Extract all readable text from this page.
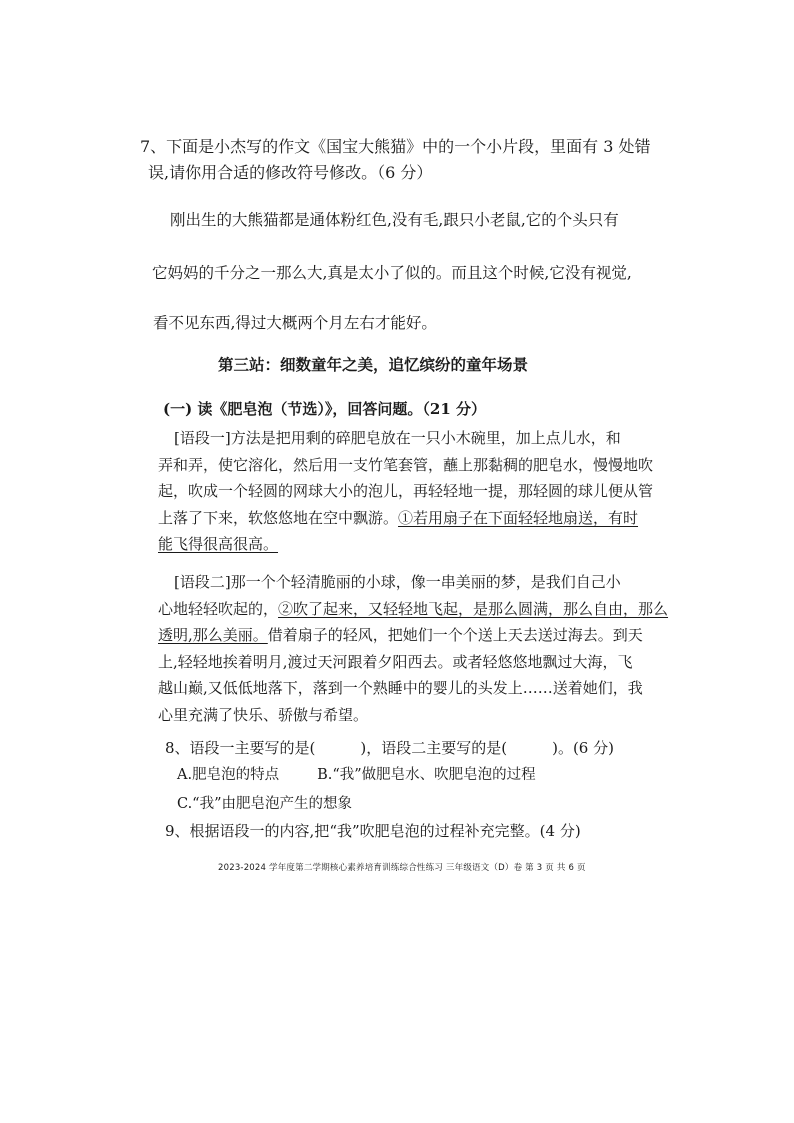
7、下面是小杰写的作文《国宝大熊猫》中的一个小片段，里面有 3 处错
误,请你用合适的修改符号修改。（6 分）
刚出生的大熊猫都是通体粉红色,没有毛,跟只小老鼠,它的个头只有
它妈妈的千分之一那么大,真是太小了似的。而且这个时候,它没有视觉,
看不见东西,得过大概两个月左右才能好。
第三站：细数童年之美，追忆缤纷的童年场景
(一) 读《肥皂泡（节选）》，回答问题。（21 分）
[语段一]方法是把用剩的碎肥皂放在一只小木碗里，加上点儿水，和
弄和弄，使它溶化，然后用一支竹笔套管，蘸上那黏稠的肥皂水，慢慢地吹
起，吹成一个轻圆的网球大小的泡儿，再轻轻地一提，那轻圆的球儿便从管
上落了下来，软悠悠地在空中飘游。①若用扇子在下面轻轻地扇送，有时
能飞得很高很高。
[语段二]那一个个轻清脆丽的小球，像一串美丽的梦，是我们自己小
心地轻轻吹起的，②吹了起来，又轻轻地飞起，是那么圆满，那么自由，那么
透明,那么美丽。借着扇子的轻风，把她们一个个送上天去送过海去。到天
上,轻轻地挨着明月,渡过天河跟着夕阳西去。或者轻悠悠地飘过大海，飞
越山巅,又低低地落下，落到一个熟睡中的婴儿的头发上……送着她们，我
心里充满了快乐、骄傲与希望。
8、语段一主要写的是(　　　)，语段二主要写的是(　　　)。(6 分)
A.肥皂泡的特点	B.“我”做肥皂水、吹肥皂泡的过程
C.“我”由肥皂泡产生的想象
9、根据语段一的内容,把“我”吹肥皂泡的过程补充完整。(4 分)
2023-2024 学年度第二学期核心素养培育训练综合性练习 三年级语文（D）卷 第 3 页 共 6 页
